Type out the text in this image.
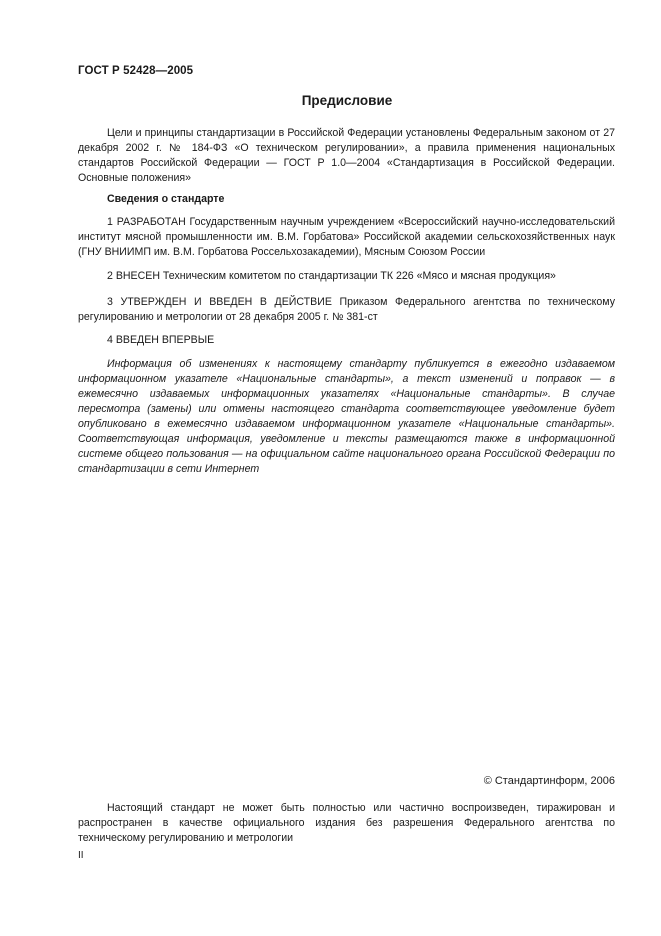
ГОСТ Р 52428—2005
Предисловие

Цели и принципы стандартизации в Российской Федерации установлены Федеральным законом от 27 декабря 2002 г. № 184-ФЗ «О техническом регулировании», а правила применения национальных стандартов Российской Федерации — ГОСТ Р 1.0—2004 «Стандартизация в Российской Федерации. Основные положения»

Сведения о стандарте

1 РАЗРАБОТАН Государственным научным учреждением «Всероссийский научно-исследовательский институт мясной промышленности им. В.М. Горбатова» Российской академии сельскохозяйственных наук (ГНУ ВНИИМП им. В.М. Горбатова Россельхозакадемии), Мясным Союзом России

2 ВНЕСЕН Техническим комитетом по стандартизации ТК 226 «Мясо и мясная продукция»

3 УТВЕРЖДЕН И ВВЕДЕН В ДЕЙСТВИЕ Приказом Федерального агентства по техническому регулированию и метрологии от 28 декабря 2005 г. № 381-ст

4 ВВЕДЕН ВПЕРВЫЕ

Информация об изменениях к настоящему стандарту публикуется в ежегодно издаваемом информационном указателе «Национальные стандарты», а текст изменений и поправок — в ежемесячно издаваемых информационных указателях «Национальные стандарты». В случае пересмотра (замены) или отмены настоящего стандарта соответствующее уведомление будет опубликовано в ежемесячно издаваемом информационном указателе «Национальные стандарты». Соответствующая информация, уведомление и тексты размещаются также в информационной системе общего пользования — на официальном сайте национального органа Российской Федерации по стандартизации в сети Интернет

© Стандартинформ, 2006

Настоящий стандарт не может быть полностью или частично воспроизведен, тиражирован и распространен в качестве официального издания без разрешения Федерального агентства по техническому регулированию и метрологии

II
